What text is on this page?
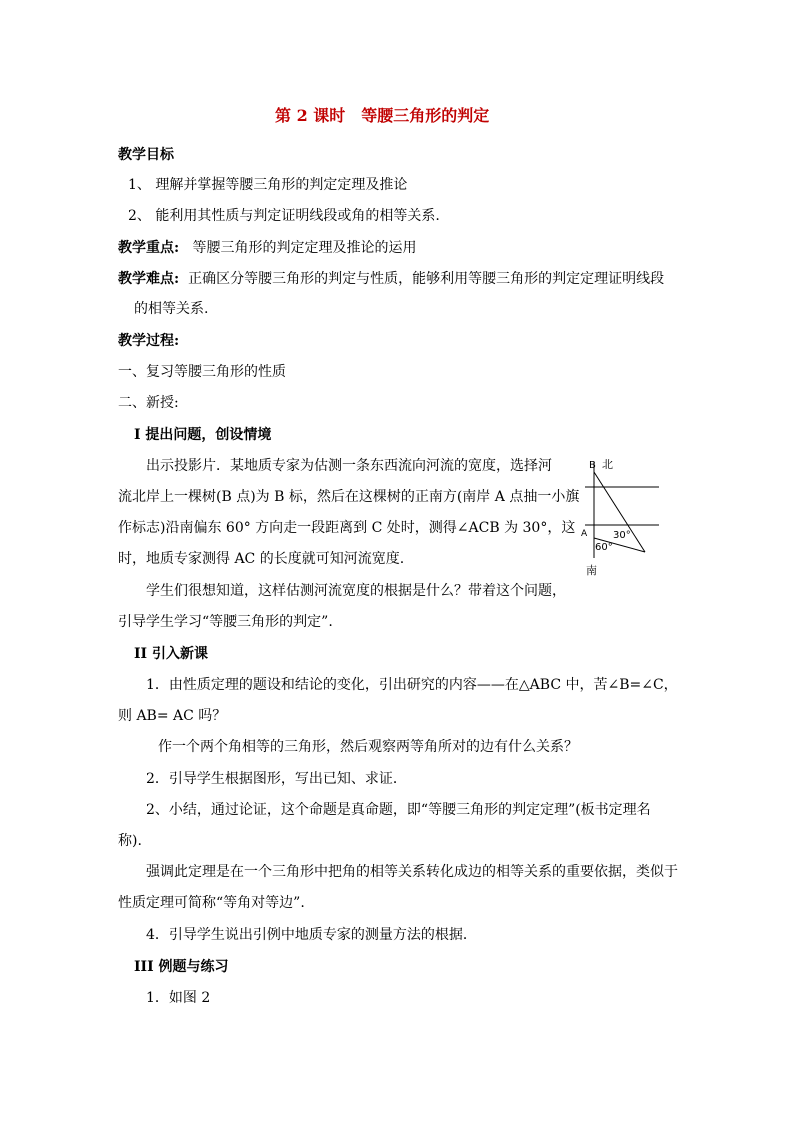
第 2 课时　等腰三角形的判定
教学目标
1、 理解并掌握等腰三角形的判定定理及推论
2、 能利用其性质与判定证明线段或角的相等关系.
教学重点: 等腰三角形的判定定理及推论的运用
教学难点: 正确区分等腰三角形的判定与性质，能够利用等腰三角形的判定定理证明线段
的相等关系.
教学过程:
一、复习等腰三角形的性质
二、新授:
I 提出问题，创设情境
出示投影片．某地质专家为估测一条东西流向河流的宽度，选择河
流北岸上一棵树(B 点)为 B 标，然后在这棵树的正南方(南岸 A 点抽一小旗
作标志)沿南偏东 60° 方向走一段距离到 C 处时，测得∠ACB 为 30°，这
时，地质专家测得 AC 的长度就可知河流宽度.
学生们很想知道，这样估测河流宽度的根据是什么？带着这个问题，
引导学生学习“等腰三角形的判定”.
B 北
A	30°
60°
南
II 引入新课
1．由性质定理的题设和结论的变化，引出研究的内容——在△ABC 中，苦∠B=∠C，
则 AB= AC 吗？
作一个两个角相等的三角形，然后观察两等角所对的边有什么关系？
2．引导学生根据图形，写出已知、求证．
2、小结，通过论证，这个命题是真命题，即“等腰三角形的判定定理”(板书定理名
称).
强调此定理是在一个三角形中把角的相等关系转化成边的相等关系的重要依据，类似于
性质定理可简称“等角对等边”.
4．引导学生说出引例中地质专家的测量方法的根据．
III 例题与练习
1．如图 2
